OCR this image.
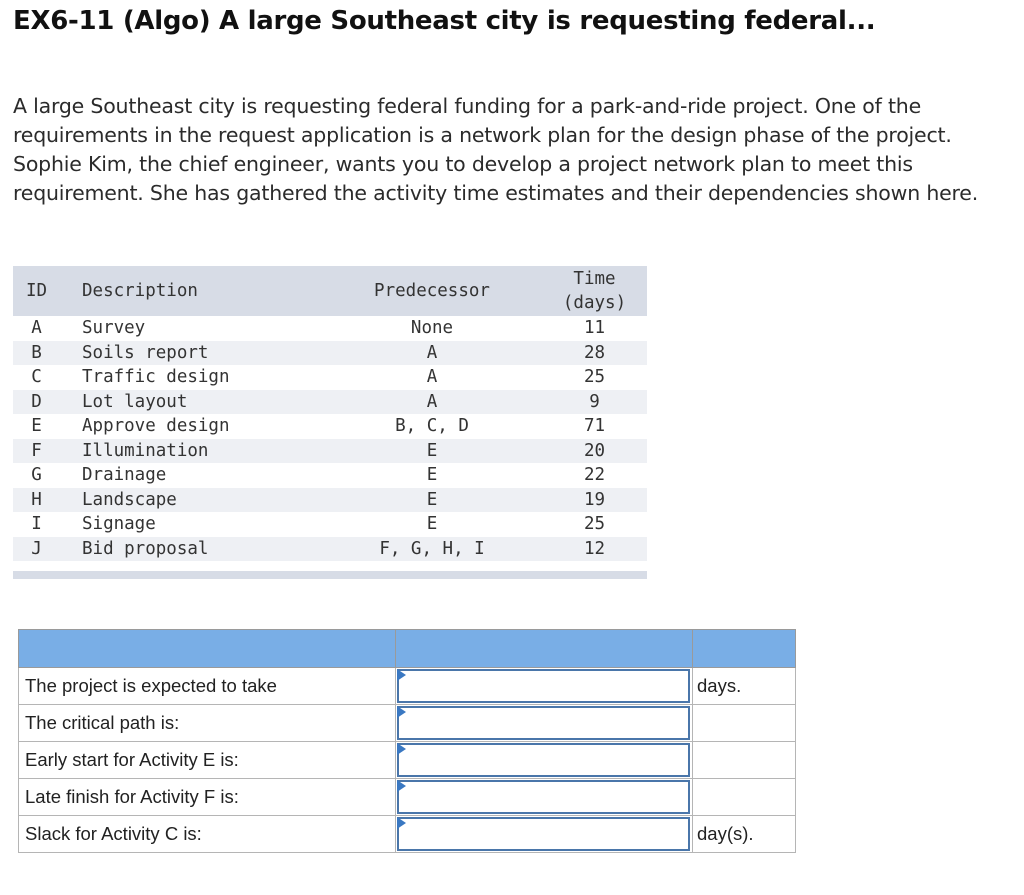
EX6-11 (Algo) A large Southeast city is requesting federal...

A large Southeast city is requesting federal funding for a park-and-ride project. One of the requirements in the request application is a network plan for the design phase of the project. Sophie Kim, the chief engineer, wants you to develop a project network plan to meet this requirement. She has gathered the activity time estimates and their dependencies shown here.

ID	Description	Predecessor	Time
(days)

A	Survey	None	11
B	Soils report	A	28
C	Traffic design	A	25
D	Lot layout	A	9
E	Approve design	B, C, D	71
F	Illumination	E	20
G	Drainage	E	22
H	Landscape	E	19
I	Signage	E	25
J	Bid proposal	F, G, H, I	12

The project is expected to take		days.
The critical path is:	

Early start for Activity E is:	

Late finish for Activity F is:	

Slack for Activity C is:		day(s).
